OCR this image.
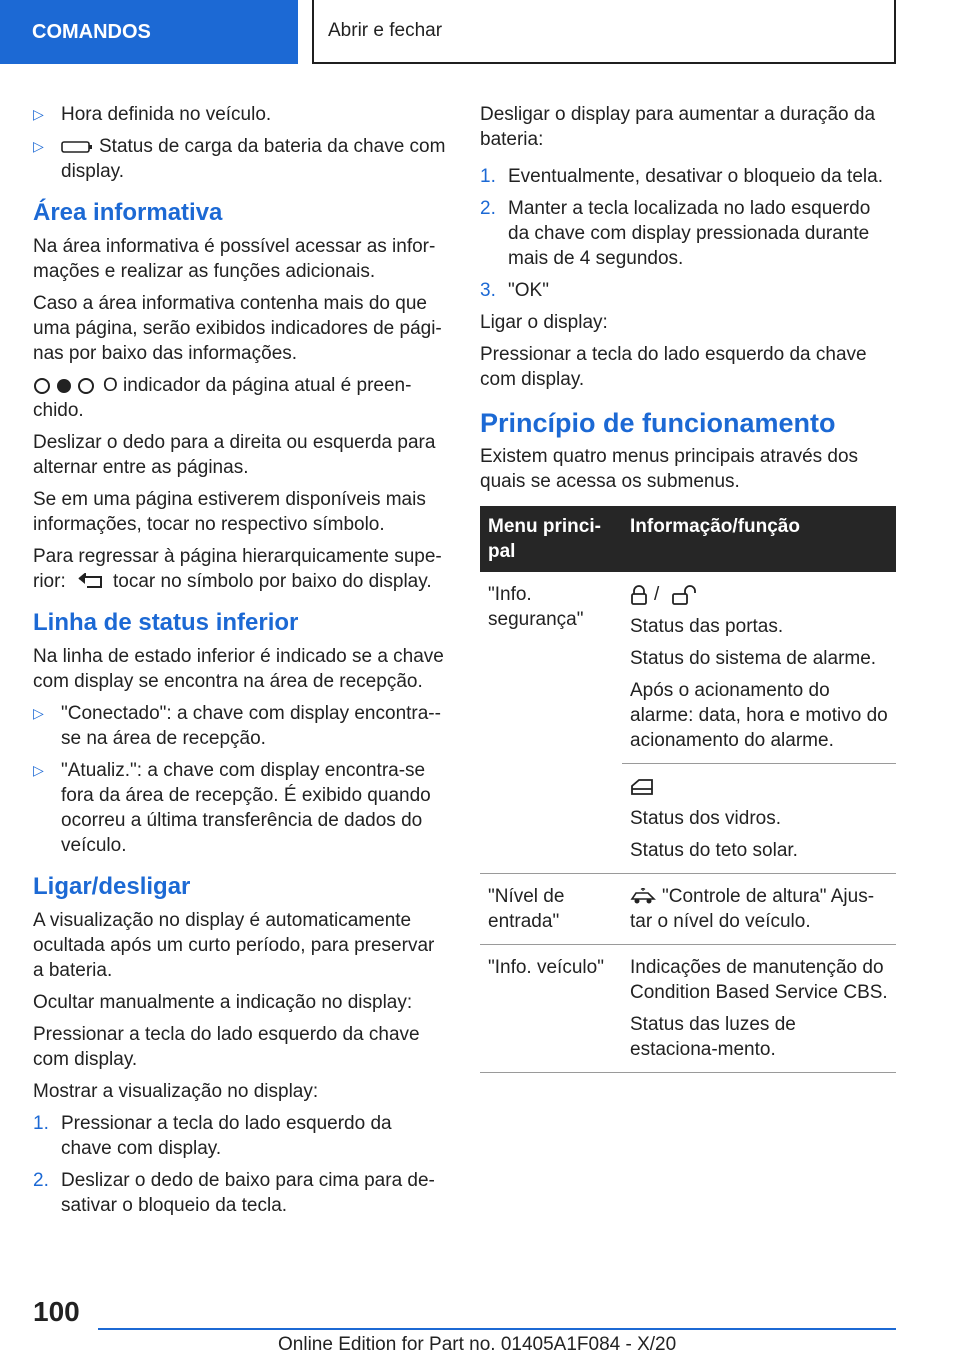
COMANDOS	Abrir e fechar
▷ Hora definida no veículo.
▷	Status de carga da bateria da chave com display.
Área informativa

Na área informativa é possível acessar as infor-mações e realizar as funções adicionais.

Caso a área informativa contenha mais do que uma página, serão exibidos indicadores de pági-nas por baixo das informações.

O indicador da página atual é preen-chido.

Deslizar o dedo para a direita ou esquerda para alternar entre as páginas.

Se em uma página estiverem disponíveis mais informações, tocar no respectivo símbolo.

Para regressar à página hierarquicamente supe-rior: tocar no símbolo por baixo do display.

Linha de status inferior

Na linha de estado inferior é indicado se a chave com display se encontra na área de recepção.

▷ "Conectado": a chave com display encontra--se na área de recepção.
▷ "Atualiz.": a chave com display encontra-se fora da área de recepção. É exibido quando ocorreu a última transferência de dados do veículo.
Ligar/desligar

A visualização no display é automaticamente ocultada após um curto período, para preservar a bateria.

Ocultar manualmente a indicação no display:

Pressionar a tecla do lado esquerdo da chave com display.

Mostrar a visualização no display:

1. Pressionar a tecla do lado esquerdo da chave com display.
2. Deslizar o dedo de baixo para cima para de-sativar o bloqueio da tecla.

Desligar o display para aumentar a duração da bateria:

1. Eventualmente, desativar o bloqueio da tela.
2. Manter a tecla localizada no lado esquerdo da chave com display pressionada durante mais de 4 segundos.
3. "OK"

Ligar o display:

Pressionar a tecla do lado esquerdo da chave com display.

Princípio de funcionamento

Existem quatro menus principais através dos quais se acessa os submenus.

Menu princi-pal	Informação/função
"Info. segurança"	/

Status das portas.

Status do sistema de alarme.

Após o acionamento do alarme: data, hora e motivo do acionamento do alarme.

	Status dos vidros.

Status do teto solar.

"Nível de entrada"	"Controle de altura" Ajus-tar o nível do veículo.
"Info. veículo"	Indicações de manutenção do Condition Based Service CBS.

Status das luzes de estaciona-mento.

100
Online Edition for Part no. 01405A1F084 - X/20
